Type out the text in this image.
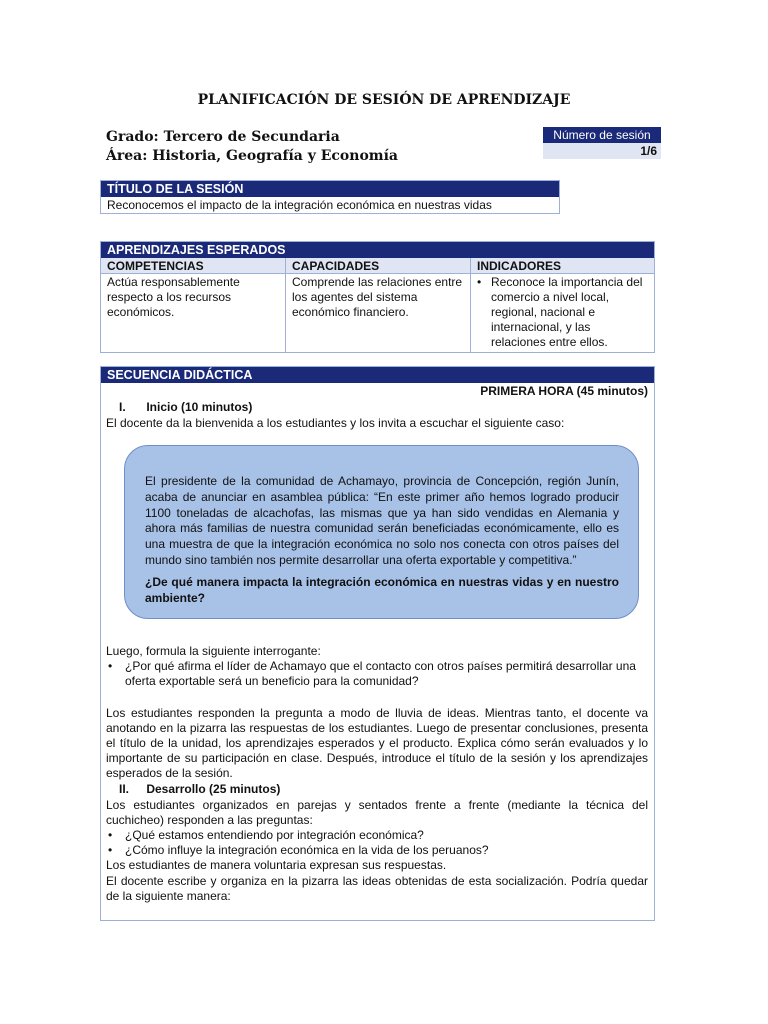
PLANIFICACIÓN DE SESIÓN DE APRENDIZAJE
Grado: Tercero de Secundaria
Área: Historia, Geografía y Economía
Número de sesión
1/6
TÍTULO DE LA SESIÓN
Reconocemos el impacto de la integración económica en nuestras vidas
APRENDIZAJES ESPERADOS
COMPETENCIAS	CAPACIDADES	INDICADORES
Actúa responsablemente respecto a los recursos económicos.	Comprende las relaciones entre los agentes del sistema económico financiero.	• Reconoce la importancia del comercio a nivel local, regional, nacional e internacional, y las relaciones entre ellos.
SECUENCIA DIDÁCTICA
PRIMERA HORA (45 minutos)
I. Inicio (10 minutos)
El docente da la bienvenida a los estudiantes y los invita a escuchar el siguiente caso:
El presidente de la comunidad de Achamayo, provincia de Concepción, región Junín, acaba de anunciar en asamblea pública: “En este primer año hemos logrado producir 1100 toneladas de alcachofas, las mismas que ya han sido vendidas en Alemania y ahora más familias de nuestra comunidad serán beneficiadas económicamente, ello es una muestra de que la integración económica no solo nos conecta con otros países del mundo sino también nos permite desarrollar una oferta exportable y competitiva.”
¿De qué manera impacta la integración económica en nuestras vidas y en nuestro ambiente?
Luego, formula la siguiente interrogante:
• ¿Por qué afirma el líder de Achamayo que el contacto con otros países permitirá desarrollar una oferta exportable será un beneficio para la comunidad?
Los estudiantes responden la pregunta a modo de lluvia de ideas. Mientras tanto, el docente va anotando en la pizarra las respuestas de los estudiantes. Luego de presentar conclusiones, presenta el título de la unidad, los aprendizajes esperados y el producto. Explica cómo serán evaluados y lo importante de su participación en clase. Después, introduce el título de la sesión y los aprendizajes esperados de la sesión.
II. Desarrollo (25 minutos)
Los estudiantes organizados en parejas y sentados frente a frente (mediante la técnica del cuchicheo) responden a las preguntas:
• ¿Qué estamos entendiendo por integración económica?
• ¿Cómo influye la integración económica en la vida de los peruanos?
Los estudiantes de manera voluntaria expresan sus respuestas.
El docente escribe y organiza en la pizarra las ideas obtenidas de esta socialización. Podría quedar de la siguiente manera:
